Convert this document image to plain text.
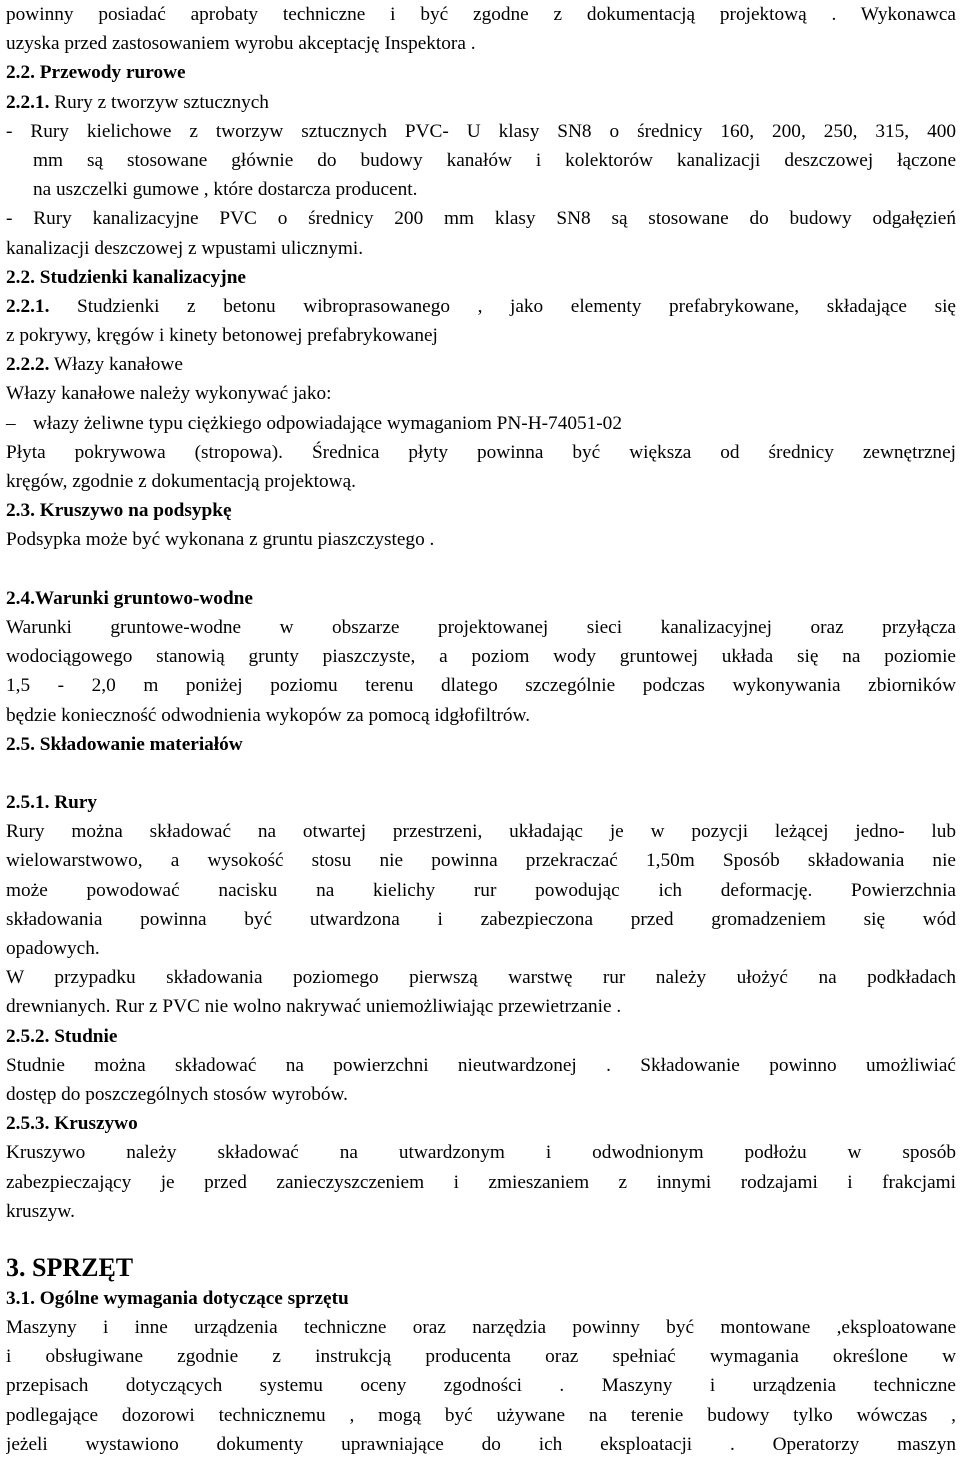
powinny posiadać aprobaty techniczne i być zgodne z dokumentacją projektową . Wykonawca
uzyska przed zastosowaniem wyrobu akceptację Inspektora .
2.2. Przewody rurowe
2.2.1. Rury z tworzyw sztucznych
- Rury kielichowe z tworzyw sztucznych PVC- U klasy SN8 o średnicy 160, 200, 250, 315, 400
mm są stosowane głównie do budowy kanałów i kolektorów kanalizacji deszczowej łączone
na uszczelki gumowe , które dostarcza producent.
- Rury kanalizacyjne PVC o średnicy 200 mm klasy SN8 są stosowane do budowy odgałęzień
kanalizacji deszczowej z wpustami ulicznymi.
2.2. Studzienki kanalizacyjne
2.2.1. Studzienki z betonu wibroprasowanego , jako elementy prefabrykowane, składające się
z pokrywy, kręgów i kinety betonowej prefabrykowanej
2.2.2. Włazy kanałowe
Włazy kanałowe należy wykonywać jako:
– włazy żeliwne typu ciężkiego odpowiadające wymaganiom PN-H-74051-02
Płyta pokrywowa (stropowa). Średnica płyty powinna być większa od średnicy zewnętrznej
kręgów, zgodnie z dokumentacją projektową.
2.3. Kruszywo na podsypkę
Podsypka może być wykonana z gruntu piaszczystego .
2.4.Warunki gruntowo-wodne
Warunki gruntowe-wodne w obszarze projektowanej sieci kanalizacyjnej oraz przyłącza
wodociągowego stanowią grunty piaszczyste, a poziom wody gruntowej układa się na poziomie
1,5 - 2,0 m poniżej poziomu terenu dlatego szczególnie podczas wykonywania zbiorników
będzie konieczność odwodnienia wykopów za pomocą idgłofiltrów.
2.5. Składowanie materiałów
2.5.1. Rury
Rury można składować na otwartej przestrzeni, układając je w pozycji leżącej jedno- lub
wielowarstwowo, a wysokość stosu nie powinna przekraczać 1,50m Sposób składowania nie
może powodować nacisku na kielichy rur powodując ich deformację. Powierzchnia
składowania powinna być utwardzona i zabezpieczona przed gromadzeniem się wód
opadowych.
W przypadku składowania poziomego pierwszą warstwę rur należy ułożyć na podkładach
drewnianych. Rur z PVC nie wolno nakrywać uniemożliwiając przewietrzanie .
2.5.2. Studnie
Studnie można składować na powierzchni nieutwardzonej . Składowanie powinno umożliwiać
dostęp do poszczególnych stosów wyrobów.
2.5.3. Kruszywo
Kruszywo należy składować na utwardzonym i odwodnionym podłożu w sposób
zabezpieczający je przed zanieczyszczeniem i zmieszaniem z innymi rodzajami i frakcjami
kruszyw.
3. SPRZĘT
3.1. Ogólne wymagania dotyczące sprzętu
Maszyny i inne urządzenia techniczne oraz narzędzia powinny być montowane ,eksploatowane
i obsługiwane zgodnie z instrukcją producenta oraz spełniać wymagania określone w
przepisach dotyczących systemu oceny zgodności . Maszyny i urządzenia techniczne
podlegające dozorowi technicznemu , mogą być używane na terenie budowy tylko wówczas ,
jeżeli wystawiono dokumenty uprawniające do ich eksploatacji . Operatorzy maszyn
